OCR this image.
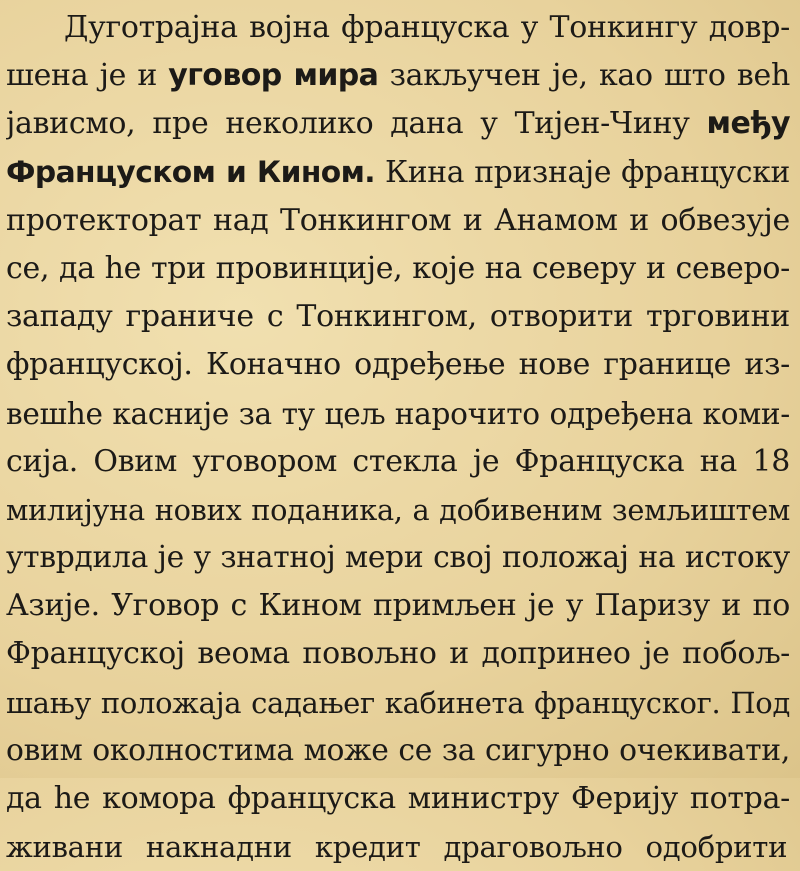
Дуготрајна војна француска у Тонкингу довр-
шена је и уговор мира закључен је, као што веһ
јависмо, пре неколико дана у Тијен-Чину међу
Француском и Кином. Кина признаје француски
протекторат над Тонкингом и Анамом и обвезује
се, да һе три провинције, које на северу и северо-
западу граниче с Тонкингом, отворити трговини
француској. Коначно одређење нове границе из-
вешһе касније за ту цељ нарочито одређена коми-
сија. Овим уговором стекла је Француска на 18
милијуна нових поданика, а добивеним земљиштем
утврдила је у знатној мери свој положај на истоку
Азије. Уговор с Кином примљен је у Паризу и по
Француској веома повољно и допринео је побољ-
шању положаја садањег кабинета француског. Под
овим околностима може се за сигурно очекивати,
да һе комора француска министру Ферију потра-
живани накнадни кредит драговољно одобрити
